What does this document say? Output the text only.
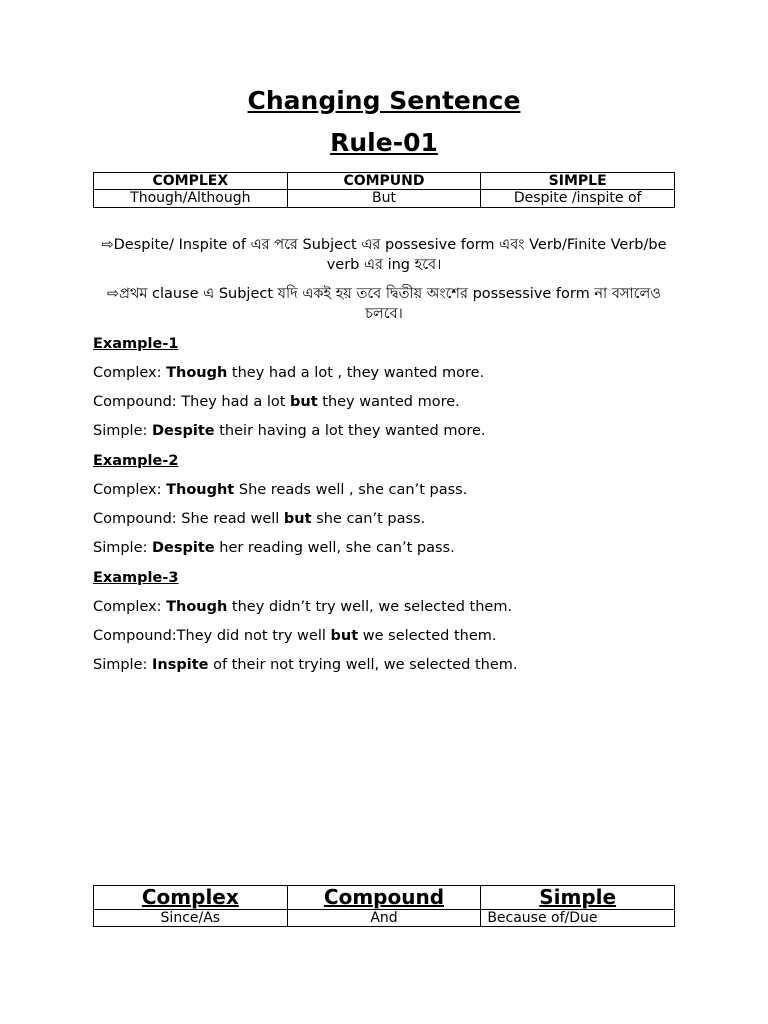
Changing Sentence
Rule-01
COMPLEX	COMPUND	SIMPLE
Though/Although	But	Despite /inspite of

⇨Despite/ Inspite of এর পরে Subject এর possesive form এবং Verb/Finite Verb/be verb এর ing হবে।

⇨প্রথম clause এ Subject যদি একই হয় তবে দ্বিতীয় অংশের possessive form না বসালেও চলবে।

Example-1

Complex: Though they had a lot , they wanted more.

Compound: They had a lot but they wanted more.

Simple: Despite their having a lot they wanted more.

Example-2

Complex: Thought She reads well , she can’t pass.

Compound: She read well but she can’t pass.

Simple: Despite her reading well, she can’t pass.

Example-3

Complex: Though they didn’t try well, we selected them.

Compound:They did not try well but we selected them.

Simple: Inspite of their not trying well, we selected them.

Complex	Compound	Simple
Since/As	And	Because of/Due
